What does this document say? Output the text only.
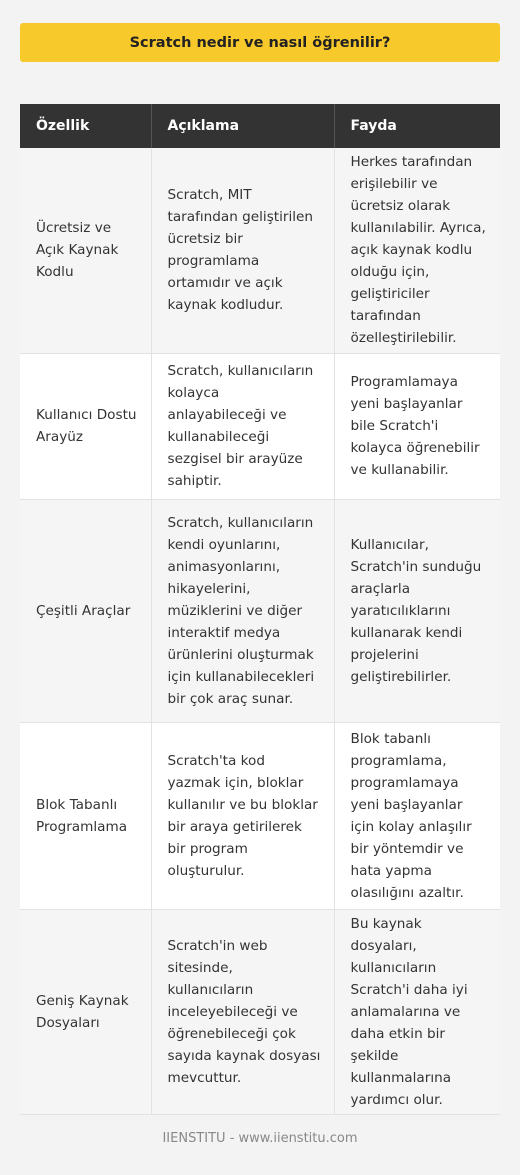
Scratch nedir ve nasıl öğrenilir?
Özellik	Açıklama	Fayda
Ücretsiz ve Açık Kaynak Kodlu	Scratch, MIT tarafından geliştirilen ücretsiz bir programlama ortamıdır ve açık kaynak kodludur.	Herkes tarafından erişilebilir ve ücretsiz olarak kullanılabilir. Ayrıca, açık kaynak kodlu olduğu için, geliştiriciler tarafından özelleştirilebilir.
Kullanıcı Dostu Arayüz	Scratch, kullanıcıların kolayca anlayabileceği ve kullanabileceği sezgisel bir arayüze sahiptir.	Programlamaya yeni başlayanlar bile Scratch'i kolayca öğrenebilir ve kullanabilir.
Çeşitli Araçlar	Scratch, kullanıcıların kendi oyunlarını, animasyonlarını, hikayelerini, müziklerini ve diğer interaktif medya ürünlerini oluşturmak için kullanabilecekleri bir çok araç sunar.	Kullanıcılar, Scratch'in sunduğu araçlarla yaratıcılıklarını kullanarak kendi projelerini geliştirebilirler.
Blok Tabanlı Programlama	Scratch'ta kod yazmak için, bloklar kullanılır ve bu bloklar bir araya getirilerek bir program oluşturulur.	Blok tabanlı programlama, programlamaya yeni başlayanlar için kolay anlaşılır bir yöntemdir ve hata yapma olasılığını azaltır.
Geniş Kaynak Dosyaları	Scratch'in web sitesinde, kullanıcıların inceleyebileceği ve öğrenebileceği çok sayıda kaynak dosyası mevcuttur.	Bu kaynak dosyaları, kullanıcıların Scratch'i daha iyi anlamalarına ve daha etkin bir şekilde kullanmalarına yardımcı olur.
IIENSTITU - www.iienstitu.com
